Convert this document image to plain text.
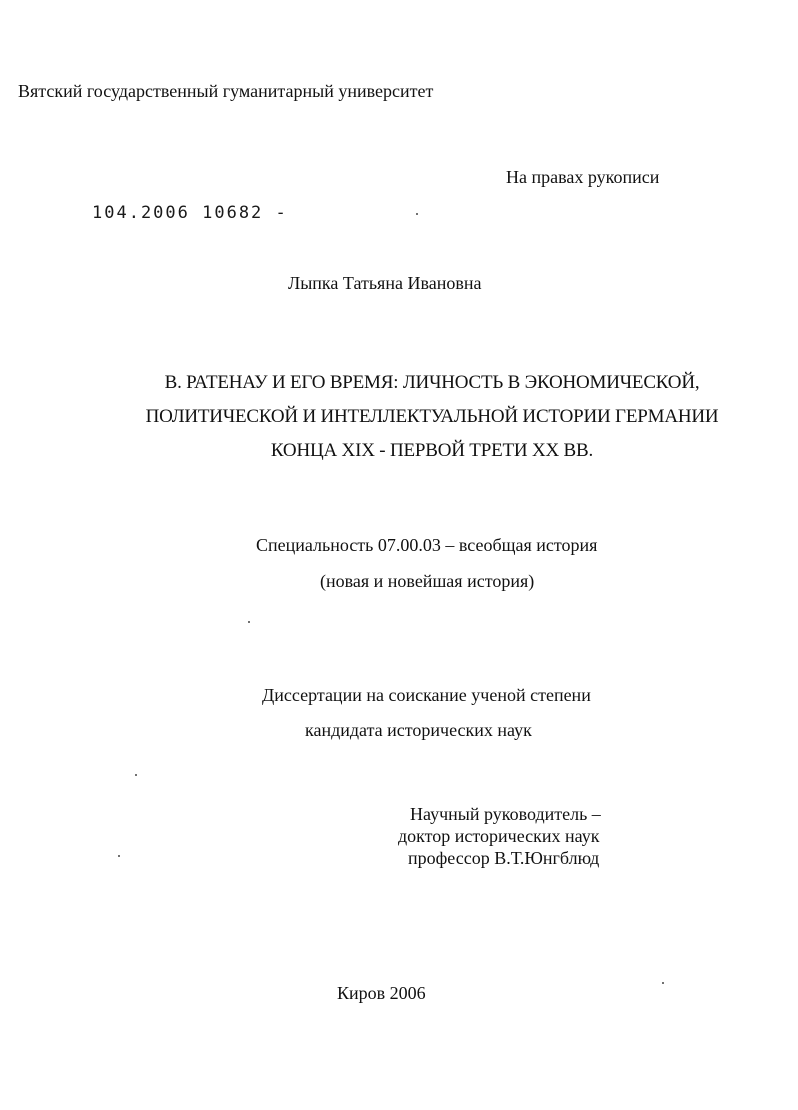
Вятский государственный гуманитарный университет
На правах рукописи
104.2006 10682 -
Лыпка Татьяна Ивановна
В. РАТЕНАУ И ЕГО ВРЕМЯ: ЛИЧНОСТЬ В ЭКОНОМИЧЕСКОЙ,
ПОЛИТИЧЕСКОЙ И ИНТЕЛЛЕКТУАЛЬНОЙ ИСТОРИИ ГЕРМАНИИ
КОНЦА XIX - ПЕРВОЙ ТРЕТИ XX ВВ.
Специальность 07.00.03 – всеобщая история
(новая и новейшая история)
Диссертации на соискание ученой степени
кандидата исторических наук
Научный руководитель –
доктор исторических наук
профессор В.Т.Юнгблюд
Киров 2006
